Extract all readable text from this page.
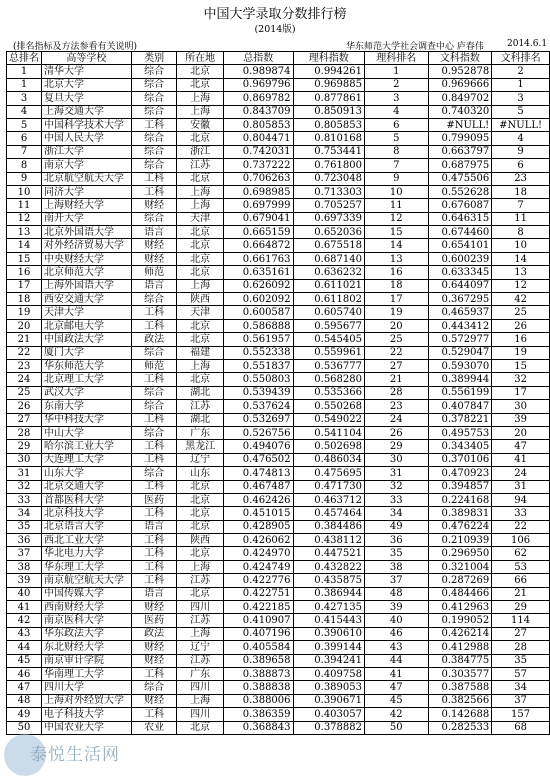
中国大学录取分数排行榜
(2014版)
(排名指标及方法参看有关说明)	华东师范大学社会调查中心 庐春伟	2014.6.1
总排名	高等学校	类别	所在地	总指数	理科指数	理科排名	文科指数	文科排名
1	清华大学	综合	北京	0.989874	0.994261	1	0.952878	2
1	北京大学	综合	北京	0.969796	0.969885	2	0.969666	1
3	复旦大学	综合	上海	0.869782	0.877861	3	0.849702	3
4	上海交通大学	综合	上海	0.843709	0.850913	4	0.740320	5
5	中国科学技术大学	工科	安徽	0.805853	0.805853	6	#NULL!	#NULL!
6	中国人民大学	综合	北京	0.804471	0.810168	5	0.799095	4
7	浙江大学	综合	浙江	0.742031	0.753441	8	0.663797	9
8	南京大学	综合	江苏	0.737222	0.761800	7	0.687975	6
9	北京航空航天大学	工科	北京	0.706263	0.723048	9	0.475506	23
10	同济大学	工科	上海	0.698985	0.713303	10	0.552628	18
11	上海财经大学	财经	上海	0.697999	0.705257	11	0.676087	7
12	南开大学	综合	天津	0.679041	0.697339	12	0.646315	11
13	北京外国语大学	语言	北京	0.665159	0.652036	15	0.674460	8
14	对外经济贸易大学	财经	北京	0.664872	0.675518	14	0.654101	10
15	中央财经大学	财经	北京	0.661763	0.687140	13	0.600239	14
16	北京师范大学	师范	北京	0.635161	0.636232	16	0.633345	13
17	上海外国语大学	语言	上海	0.626092	0.611021	18	0.644097	12
18	西安交通大学	综合	陕西	0.602092	0.611802	17	0.367295	42
19	天津大学	工科	天津	0.600587	0.605740	19	0.465937	25
20	北京邮电大学	工科	北京	0.586888	0.595677	20	0.443412	26
21	中国政法大学	政法	北京	0.561957	0.545405	25	0.572977	16
22	厦门大学	综合	福建	0.552338	0.559961	22	0.529047	19
23	华东师范大学	师范	上海	0.551837	0.536777	27	0.593070	15
24	北京理工大学	工科	北京	0.550803	0.568280	21	0.389944	32
25	武汉大学	综合	湖北	0.539439	0.535366	28	0.556199	17
26	东南大学	综合	江苏	0.537624	0.550268	23	0.407847	30
27	华中科技大学	工科	湖北	0.532697	0.549022	24	0.378221	39
28	中山大学	综合	广东	0.526756	0.541104	26	0.495753	20
29	哈尔滨工业大学	工科	黑龙江	0.494076	0.502698	29	0.343405	47
30	大连理工大学	工科	辽宁	0.476502	0.486034	30	0.370106	41
31	山东大学	综合	山东	0.474813	0.475695	31	0.470923	24
32	北京交通大学	工科	北京	0.467487	0.471730	32	0.394857	31
33	首都医科大学	医药	北京	0.462426	0.463712	33	0.224168	94
34	北京科技大学	工科	北京	0.451015	0.457464	34	0.389831	33
35	北京语言大学	语言	北京	0.428905	0.384486	49	0.476224	22
36	西北工业大学	工科	陕西	0.426062	0.438112	36	0.210939	106
37	华北电力大学	工科	北京	0.424970	0.447521	35	0.296950	62
38	华东理工大学	工科	上海	0.424749	0.432822	38	0.321004	53
39	南京航空航天大学	工科	江苏	0.422776	0.435875	37	0.287269	66
40	中国传媒大学	语言	北京	0.422751	0.386944	48	0.484466	21
41	西南财经大学	财经	四川	0.422185	0.427135	39	0.412963	29
42	南京医科大学	医药	江苏	0.410907	0.415443	40	0.199052	114
43	华东政法大学	政法	上海	0.407196	0.390610	46	0.426214	27
44	东北财经大学	财经	辽宁	0.405584	0.399144	43	0.412988	28
45	南京审计学院	财经	江苏	0.389658	0.394241	44	0.384775	35
46	华南理工大学	工科	广东	0.388873	0.409758	41	0.303577	57
47	四川大学	综合	四川	0.388838	0.389053	47	0.387588	34
48	上海对外经贸大学	财经	上海	0.388006	0.390671	45	0.382566	37
49	电子科技大学	工科	四川	0.386359	0.403057	42	0.142688	157
50	中国农业大学	农业	北京	0.368843	0.378882	50	0.282533	68
泰悦生活网
